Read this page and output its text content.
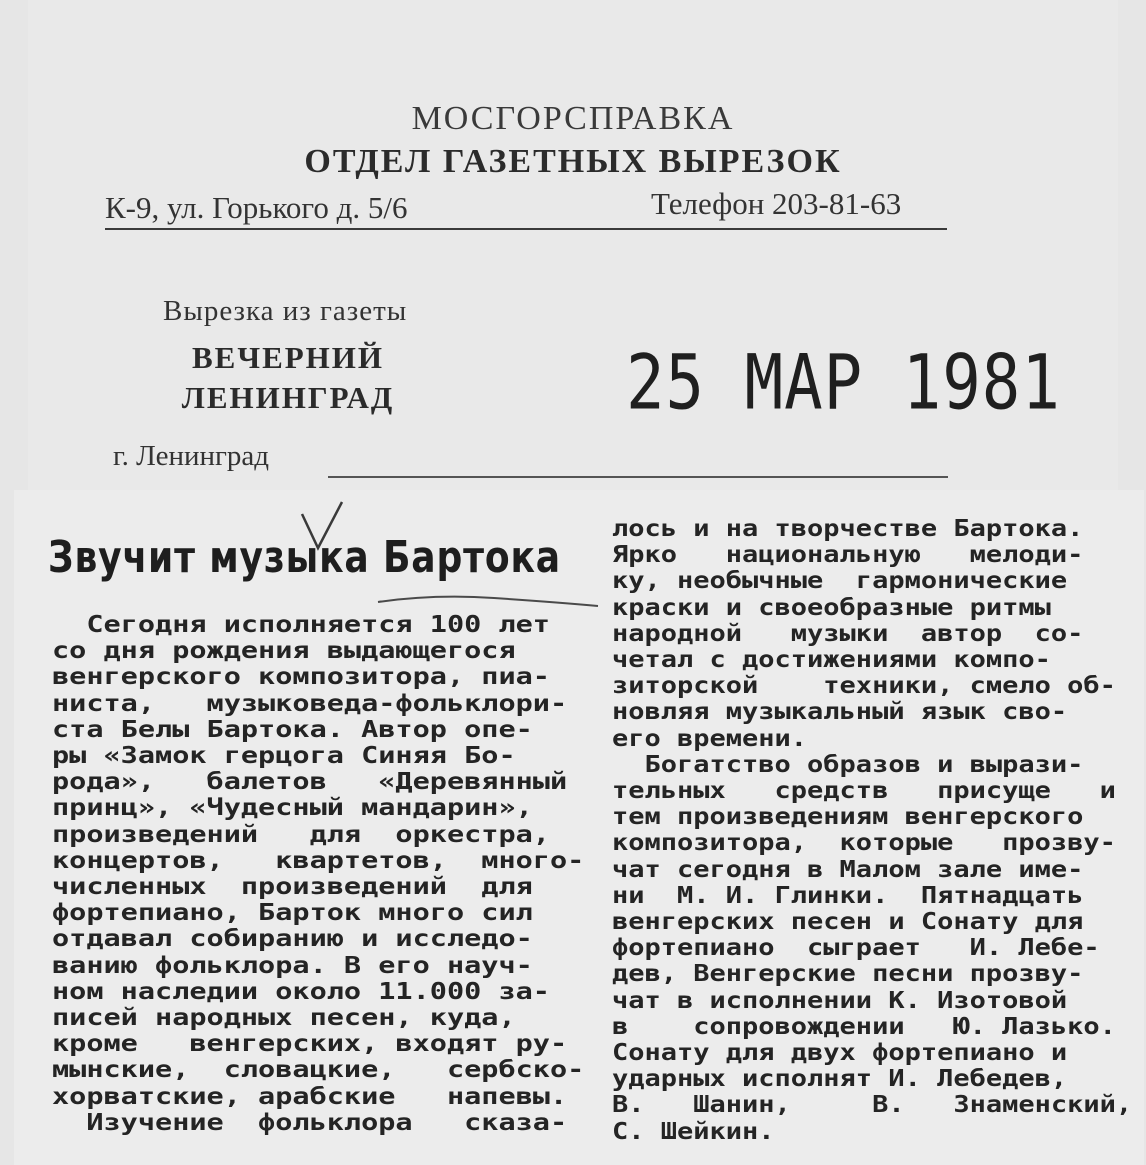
МОСГОРСПРАВКА
ОТДЕЛ ГАЗЕТНЫХ ВЫРЕЗОК
К-9, ул. Горького д. 5/6	Телефон 203-81-63
Вырезка из газеты
ВЕЧЕРНИЙ
ЛЕНИНГРАД	25 МАР 1981
г. Ленинград
Звучит музыка Бартока

Сегодня исполняется 100 лет

со дня рождения выдающегося

венгерского композитора, пиа-

ниста,   музыковеда-фольклори-

ста Белы Бартока. Автор опе-

ры «Замок герцога Синяя Бо-

рода»,   балетов   «Деревянный

принц», «Чудесный мандарин»,

произведений   для  оркестра,

концертов,   квартетов,  много-

численных  произведений  для

фортепиано, Барток много сил

отдавал собиранию и исследо-

ванию фольклора. В его науч-

ном наследии около 11.000 за-

писей народных песен, куда,

кроме   венгерских, входят ру-

мынские,  словацкие,   сербско-

хорватские, арабские   напевы.

Изучение  фольклора   сказа-

лось и на творчестве Бартока.

Ярко   национальную   мелоди-

ку, необычные  гармонические

краски и своеобразные ритмы

народной   музыки  автор  со-

четал с достижениями компо-

зиторской    техники, смело об-

новляя музыкальный язык сво-

его времени.

Богатство образов и вырази-

тельных   средств   присуще   и

тем произведениям венгерского

композитора,  которые   прозву-

чат сегодня в Малом зале име-

ни  М. И. Глинки.  Пятнадцать

венгерских песен и Сонату для

фортепиано  сыграет   И. Лебе-

дев, Венгерские песни прозву-

чат в исполнении К. Изотовой

в    сопровождении   Ю. Лазько.

Сонату для двух фортепиано и

ударных исполнят И. Лебедев,

В.   Шанин,     В.   Знаменский,

С. Шейкин.
